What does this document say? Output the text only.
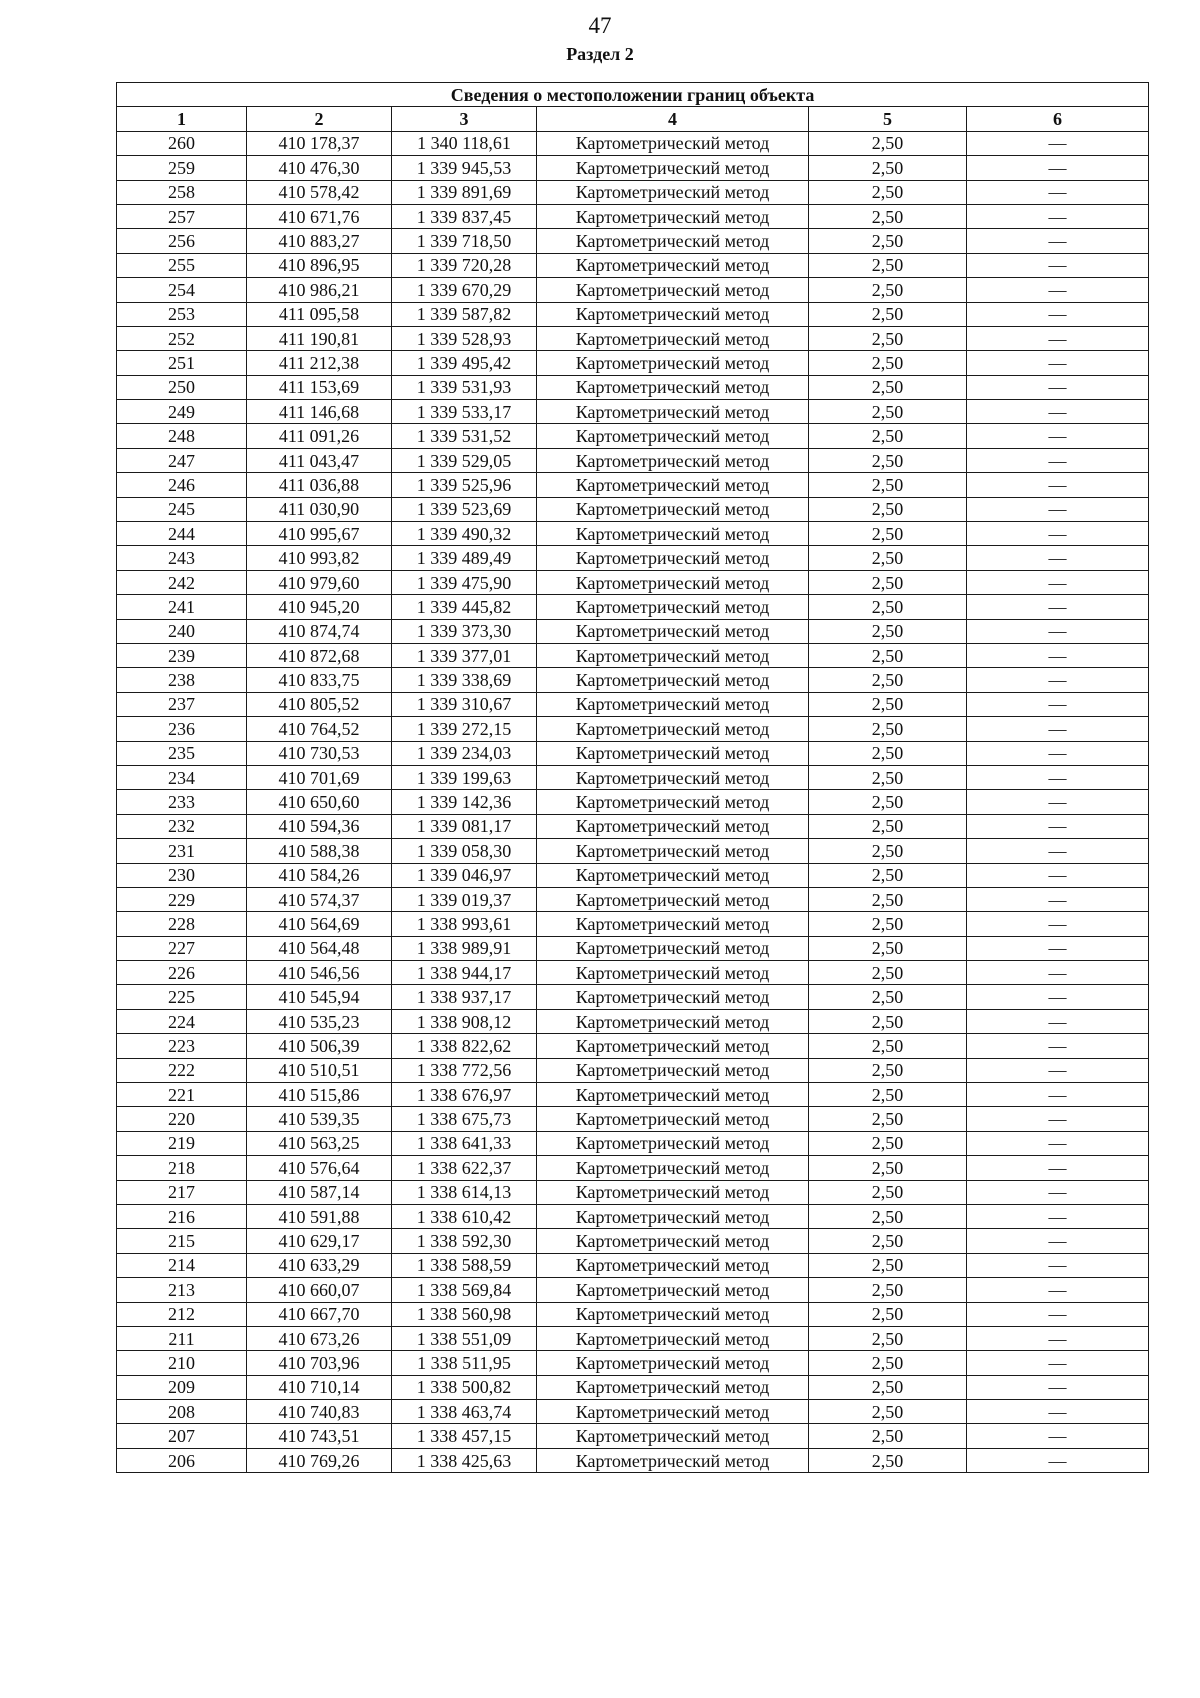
47
Раздел 2
Сведения о местоположении границ объекта					
1	2	3	4	5	6
260	410 178,37	1 340 118,61	Картометрический метод	2,50	—
259	410 476,30	1 339 945,53	Картометрический метод	2,50	—
258	410 578,42	1 339 891,69	Картометрический метод	2,50	—
257	410 671,76	1 339 837,45	Картометрический метод	2,50	—
256	410 883,27	1 339 718,50	Картометрический метод	2,50	—
255	410 896,95	1 339 720,28	Картометрический метод	2,50	—
254	410 986,21	1 339 670,29	Картометрический метод	2,50	—
253	411 095,58	1 339 587,82	Картометрический метод	2,50	—
252	411 190,81	1 339 528,93	Картометрический метод	2,50	—
251	411 212,38	1 339 495,42	Картометрический метод	2,50	—
250	411 153,69	1 339 531,93	Картометрический метод	2,50	—
249	411 146,68	1 339 533,17	Картометрический метод	2,50	—
248	411 091,26	1 339 531,52	Картометрический метод	2,50	—
247	411 043,47	1 339 529,05	Картометрический метод	2,50	—
246	411 036,88	1 339 525,96	Картометрический метод	2,50	—
245	411 030,90	1 339 523,69	Картометрический метод	2,50	—
244	410 995,67	1 339 490,32	Картометрический метод	2,50	—
243	410 993,82	1 339 489,49	Картометрический метод	2,50	—
242	410 979,60	1 339 475,90	Картометрический метод	2,50	—
241	410 945,20	1 339 445,82	Картометрический метод	2,50	—
240	410 874,74	1 339 373,30	Картометрический метод	2,50	—
239	410 872,68	1 339 377,01	Картометрический метод	2,50	—
238	410 833,75	1 339 338,69	Картометрический метод	2,50	—
237	410 805,52	1 339 310,67	Картометрический метод	2,50	—
236	410 764,52	1 339 272,15	Картометрический метод	2,50	—
235	410 730,53	1 339 234,03	Картометрический метод	2,50	—
234	410 701,69	1 339 199,63	Картометрический метод	2,50	—
233	410 650,60	1 339 142,36	Картометрический метод	2,50	—
232	410 594,36	1 339 081,17	Картометрический метод	2,50	—
231	410 588,38	1 339 058,30	Картометрический метод	2,50	—
230	410 584,26	1 339 046,97	Картометрический метод	2,50	—
229	410 574,37	1 339 019,37	Картометрический метод	2,50	—
228	410 564,69	1 338 993,61	Картометрический метод	2,50	—
227	410 564,48	1 338 989,91	Картометрический метод	2,50	—
226	410 546,56	1 338 944,17	Картометрический метод	2,50	—
225	410 545,94	1 338 937,17	Картометрический метод	2,50	—
224	410 535,23	1 338 908,12	Картометрический метод	2,50	—
223	410 506,39	1 338 822,62	Картометрический метод	2,50	—
222	410 510,51	1 338 772,56	Картометрический метод	2,50	—
221	410 515,86	1 338 676,97	Картометрический метод	2,50	—
220	410 539,35	1 338 675,73	Картометрический метод	2,50	—
219	410 563,25	1 338 641,33	Картометрический метод	2,50	—
218	410 576,64	1 338 622,37	Картометрический метод	2,50	—
217	410 587,14	1 338 614,13	Картометрический метод	2,50	—
216	410 591,88	1 338 610,42	Картометрический метод	2,50	—
215	410 629,17	1 338 592,30	Картометрический метод	2,50	—
214	410 633,29	1 338 588,59	Картометрический метод	2,50	—
213	410 660,07	1 338 569,84	Картометрический метод	2,50	—
212	410 667,70	1 338 560,98	Картометрический метод	2,50	—
211	410 673,26	1 338 551,09	Картометрический метод	2,50	—
210	410 703,96	1 338 511,95	Картометрический метод	2,50	—
209	410 710,14	1 338 500,82	Картометрический метод	2,50	—
208	410 740,83	1 338 463,74	Картометрический метод	2,50	—
207	410 743,51	1 338 457,15	Картометрический метод	2,50	—
206	410 769,26	1 338 425,63	Картометрический метод	2,50	—
